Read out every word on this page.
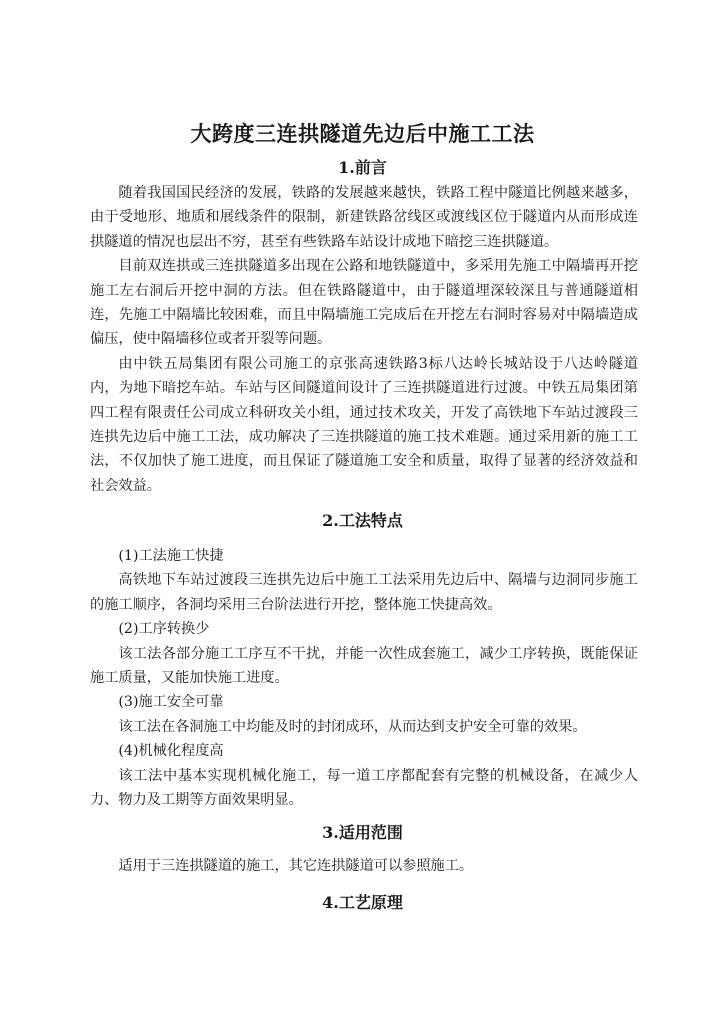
大跨度三连拱隧道先边后中施工工法
1.前言

随着我国国民经济的发展，铁路的发展越来越快，铁路工程中隧道比例越来越多，由于受地形、地质和展线条件的限制，新建铁路岔线区或渡线区位于隧道内从而形成连拱隧道的情况也层出不穷，甚至有些铁路车站设计成地下暗挖三连拱隧道。

目前双连拱或三连拱隧道多出现在公路和地铁隧道中，多采用先施工中隔墙再开挖施工左右洞后开挖中洞的方法。但在铁路隧道中，由于隧道埋深较深且与普通隧道相连，先施工中隔墙比较困难，而且中隔墙施工完成后在开挖左右洞时容易对中隔墙造成偏压，使中隔墙移位或者开裂等问题。

由中铁五局集团有限公司施工的京张高速铁路3标八达岭长城站设于八达岭隧道内，为地下暗挖车站。车站与区间隧道间设计了三连拱隧道进行过渡。中铁五局集团第四工程有限责任公司成立科研攻关小组，通过技术攻关，开发了高铁地下车站过渡段三连拱先边后中施工工法，成功解决了三连拱隧道的施工技术难题。通过采用新的施工工法，不仅加快了施工进度，而且保证了隧道施工安全和质量，取得了显著的经济效益和社会效益。

2.工法特点

(1)工法施工快捷

高铁地下车站过渡段三连拱先边后中施工工法采用先边后中、隔墙与边洞同步施工的施工顺序，各洞均采用三台阶法进行开挖，整体施工快捷高效。

(2)工序转换少

该工法各部分施工工序互不干扰，并能一次性成套施工，减少工序转换，既能保证施工质量，又能加快施工进度。

(3)施工安全可靠

该工法在各洞施工中均能及时的封闭成环，从而达到支护安全可靠的效果。

(4)机械化程度高

该工法中基本实现机械化施工，每一道工序都配套有完整的机械设备，在减少人力、物力及工期等方面效果明显。

3.适用范围

适用于三连拱隧道的施工，其它连拱隧道可以参照施工。

4.工艺原理
